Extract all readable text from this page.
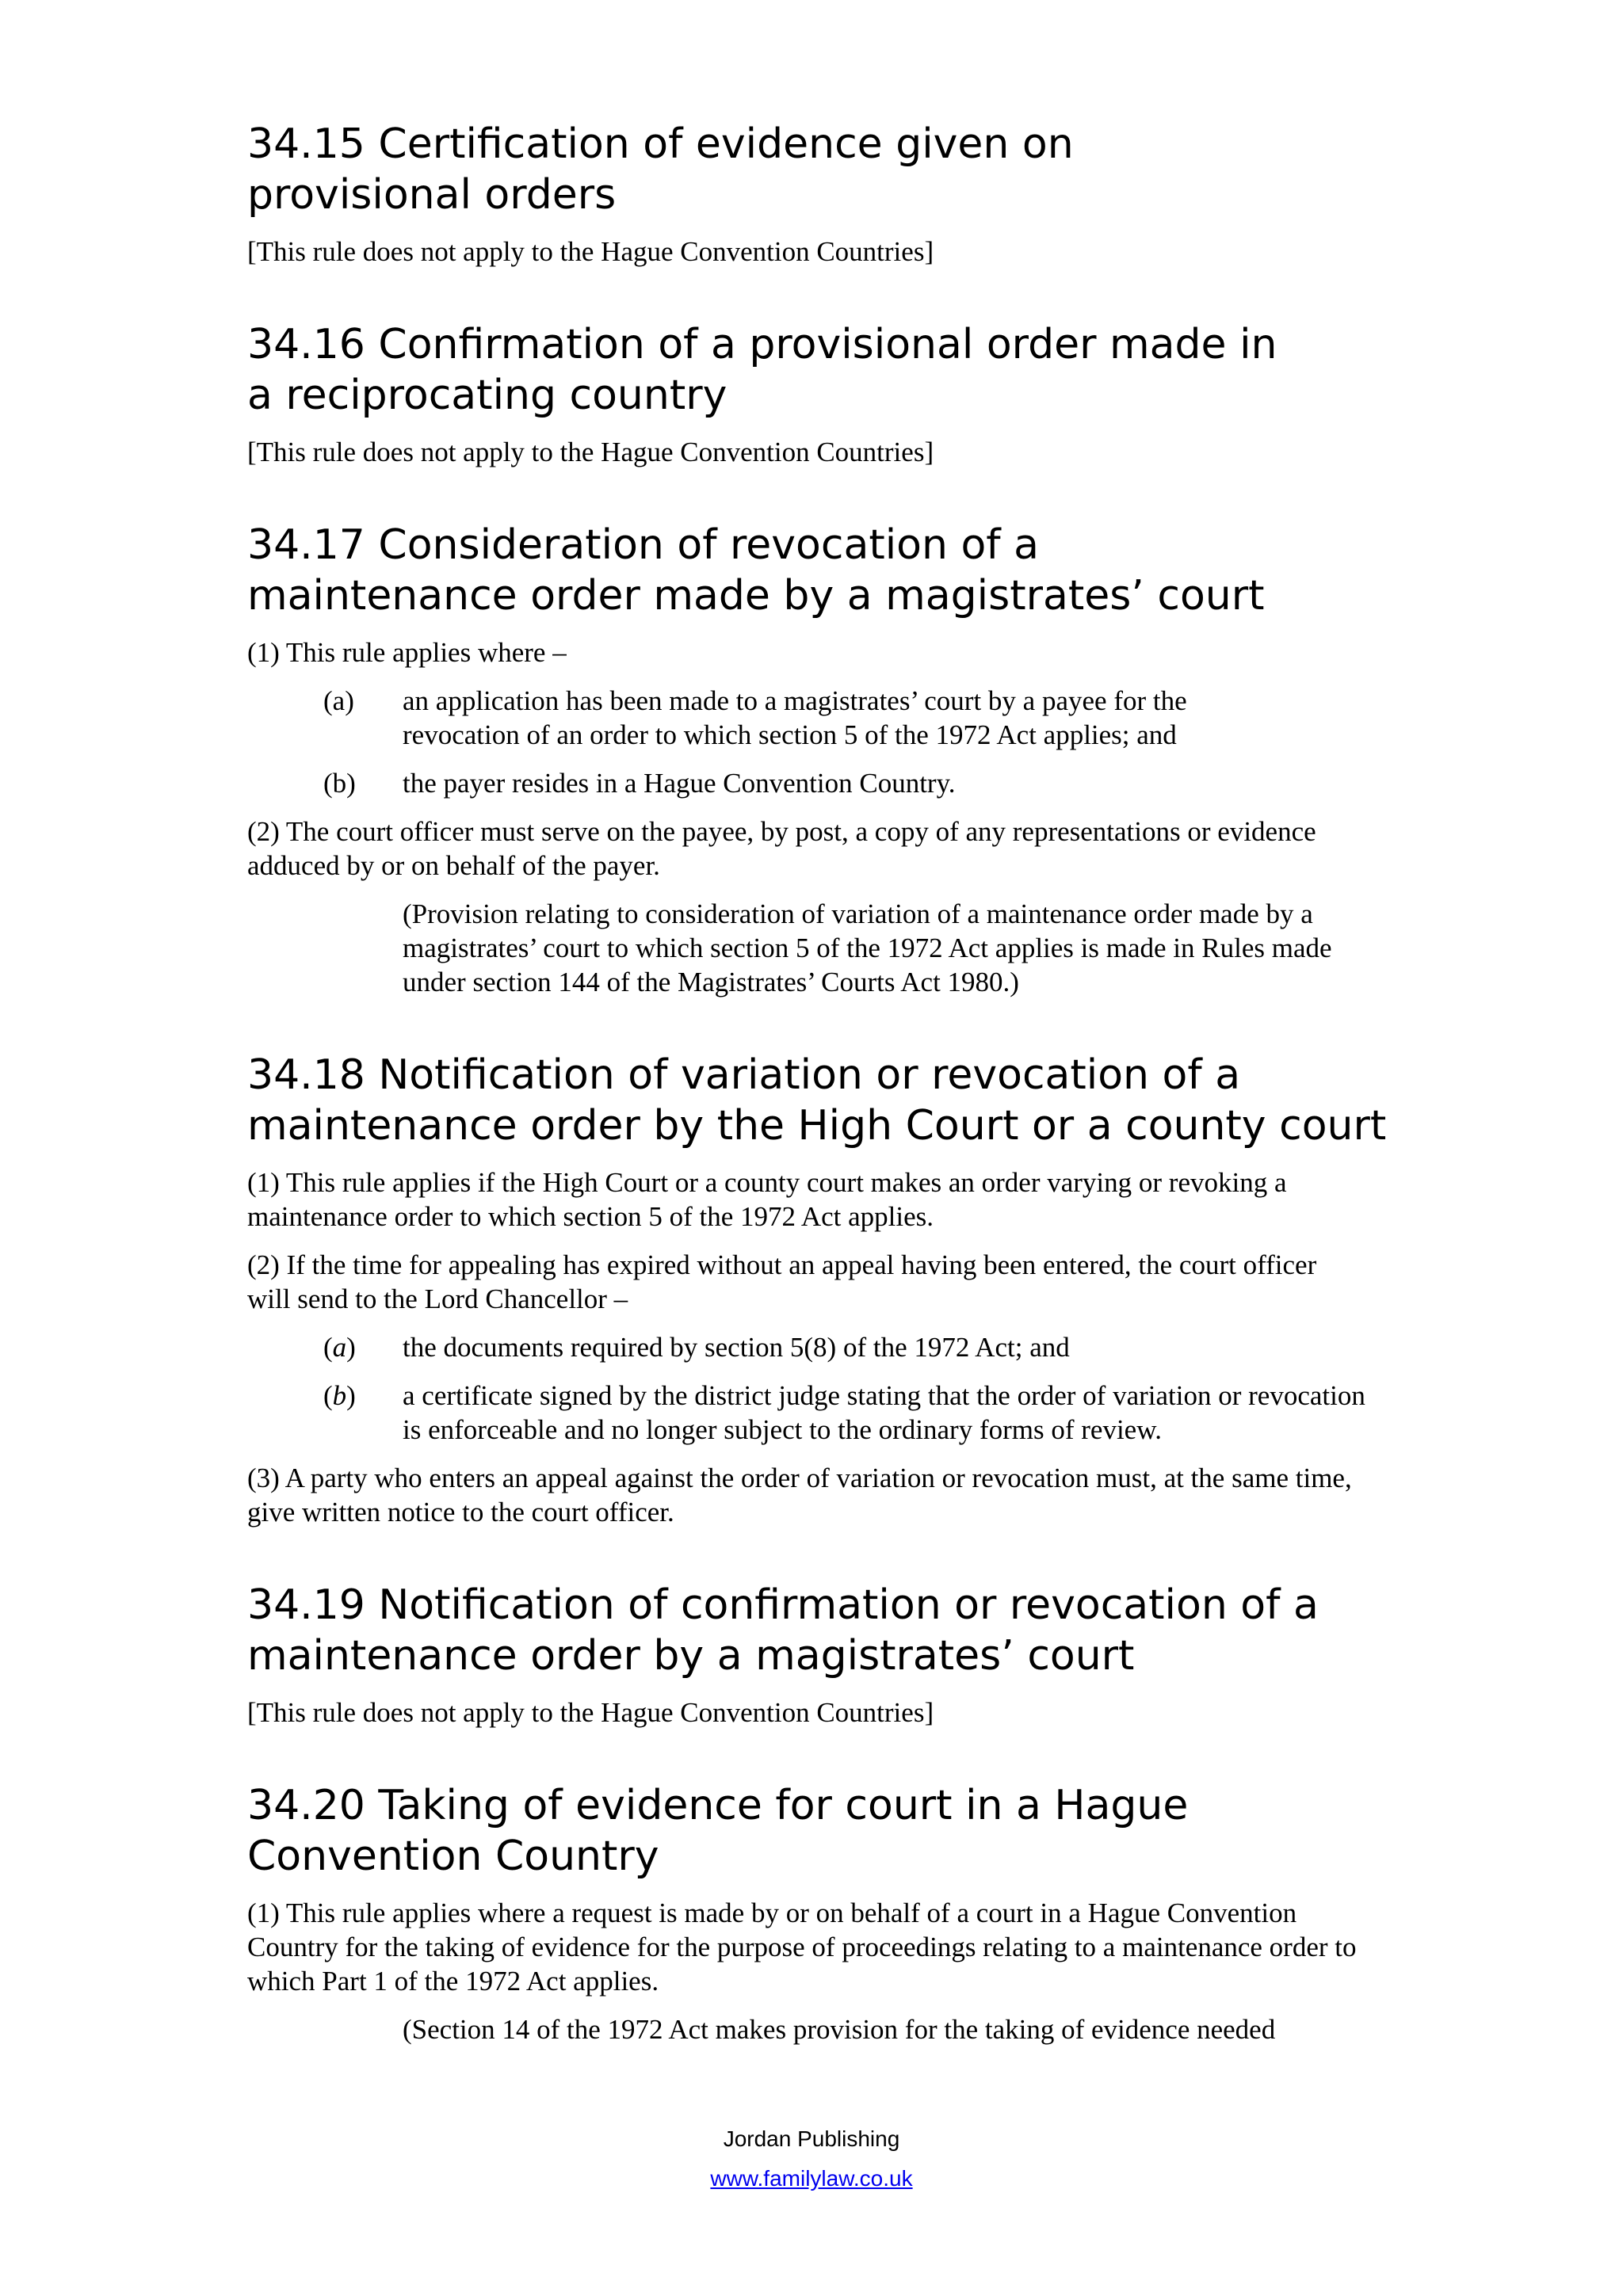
34.15 Certification of evidence given on provisional orders

[This rule does not apply to the Hague Convention Countries]

34.16 Confirmation of a provisional order made in a reciprocating country

[This rule does not apply to the Hague Convention Countries]

34.17 Consideration of revocation of a maintenance order made by a magistrates’ court

(1) This rule applies where –

(a)	an application has been made to a magistrates’ court by a payee for the revocation of an order to which section 5 of the 1972 Act applies; and
(b)	the payer resides in a Hague Convention Country.

(2) The court officer must serve on the payee, by post, a copy of any representations or evidence adduced by or on behalf of the payer.

(Provision relating to consideration of variation of a maintenance order made by a magistrates’ court to which section 5 of the 1972 Act applies is made in Rules made under section 144 of the Magistrates’ Courts Act 1980.)

34.18 Notification of variation or revocation of a maintenance order by the High Court or a county court

(1) This rule applies if the High Court or a county court makes an order varying or revoking a maintenance order to which section 5 of the 1972 Act applies.

(2) If the time for appealing has expired without an appeal having been entered, the court officer will send to the Lord Chancellor –

(a)	the documents required by section 5(8) of the 1972 Act; and
(b)	a certificate signed by the district judge stating that the order of variation or revocation is enforceable and no longer subject to the ordinary forms of review.

(3) A party who enters an appeal against the order of variation or revocation must, at the same time, give written notice to the court officer.

34.19 Notification of confirmation or revocation of a maintenance order by a magistrates’ court

[This rule does not apply to the Hague Convention Countries]

34.20 Taking of evidence for court in a Hague Convention Country

(1) This rule applies where a request is made by or on behalf of a court in a Hague Convention Country for the taking of evidence for the purpose of proceedings relating to a maintenance order to which Part 1 of the 1972 Act applies.

(Section 14 of the 1972 Act makes provision for the taking of evidence needed

Jordan Publishing
www.familylaw.co.uk
